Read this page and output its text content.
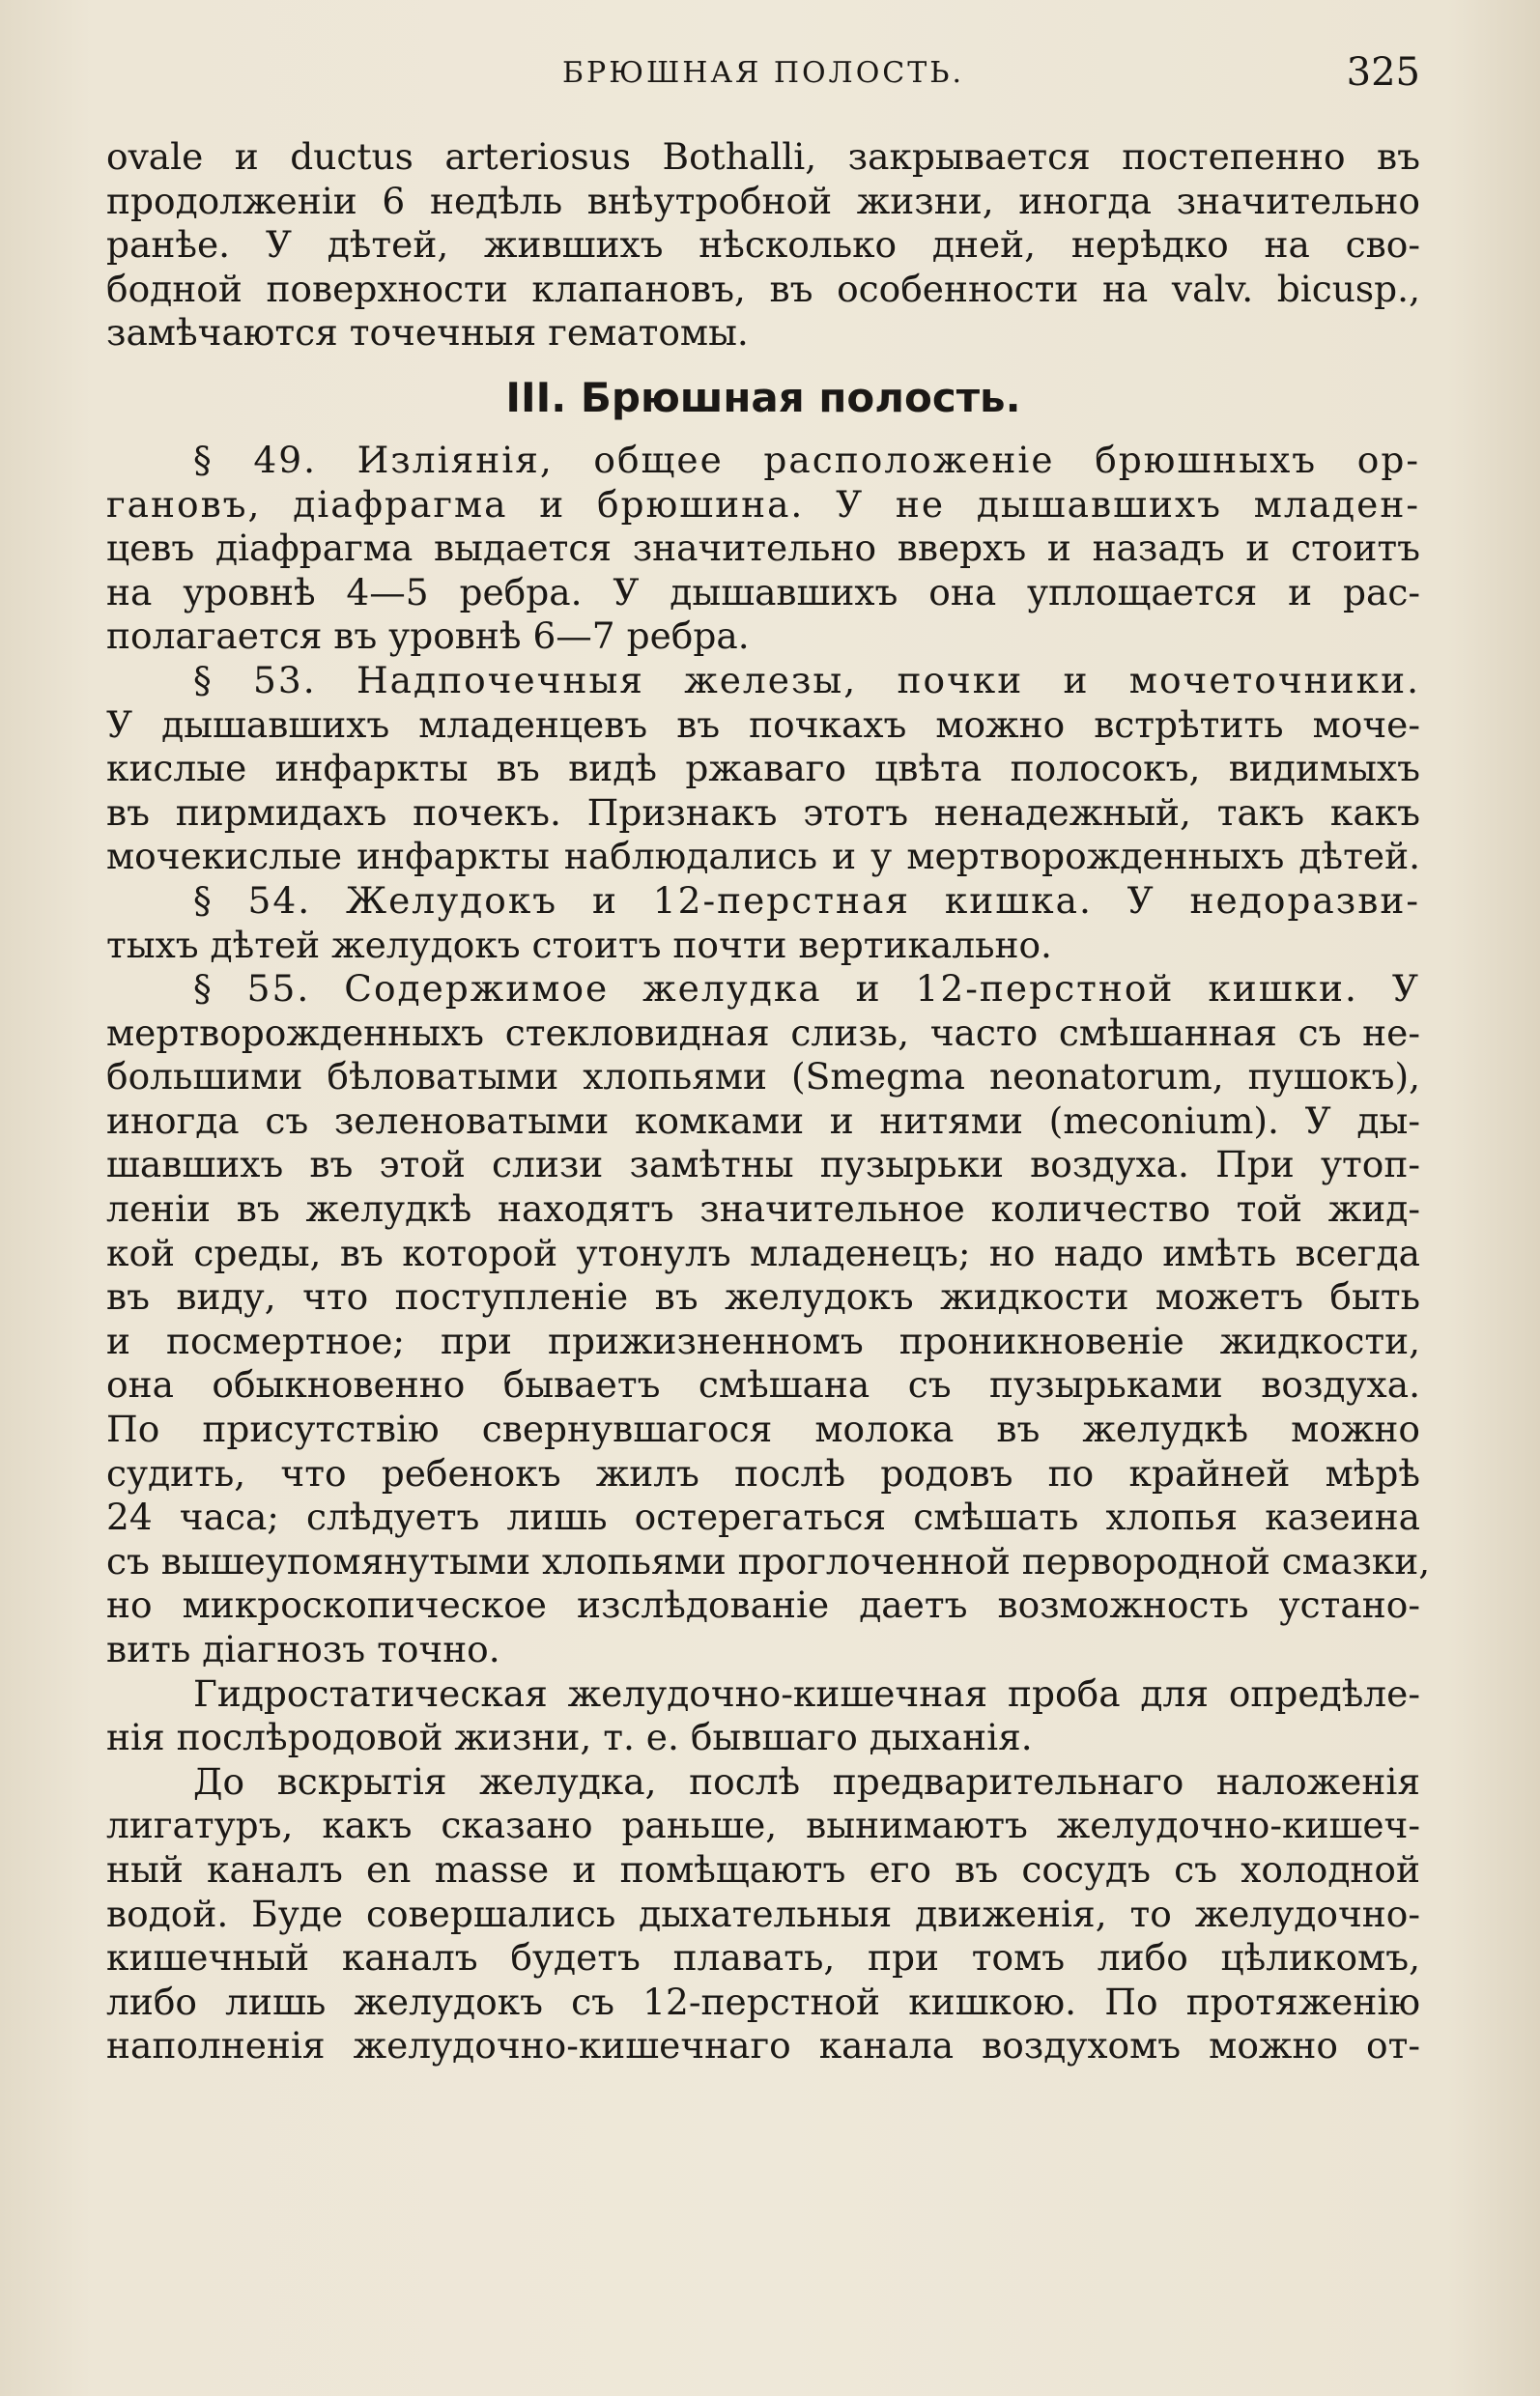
БРЮШНАЯ ПОЛОСТЬ.	325

ovale и ductus arteriosus Bothalli, закрывается постепенно въ

продолженіи 6 недѣль внѣутробной жизни, иногда значительно

ранѣе. У дѣтей, жившихъ нѣсколько дней, нерѣдко на сво-

бодной поверхности клапановъ, въ особенности на valv. bicusp.,

замѣчаются точечныя гематомы.

III. Брюшная полость.

§ 49. Изліянія, общее расположеніе брюшныхъ ор-

гановъ, діафрагма и брюшина. У не дышавшихъ младен-

цевъ діафрагма выдается значительно вверхъ и назадъ и стоитъ

на уровнѣ 4—5 ребра. У дышавшихъ она уплощается и рас-

полагается въ уровнѣ 6—7 ребра.

§ 53. Надпочечныя железы, почки и мочеточники.

У дышавшихъ младенцевъ въ почкахъ можно встрѣтить моче-

кислые инфаркты въ видѣ ржаваго цвѣта полосокъ, видимыхъ

въ пирмидахъ почекъ. Признакъ этотъ ненадежный, такъ какъ

мочекислые инфаркты наблюдались и у мертворожденныхъ дѣтей.

§ 54. Желудокъ и 12-перстная кишка. У недоразви-

тыхъ дѣтей желудокъ стоитъ почти вертикально.

§ 55. Содержимое желудка и 12-перстной кишки. У

мертворожденныхъ стекловидная слизь, часто смѣшанная съ не-

большими бѣловатыми хлопьями (Smegma neonatorum, пушокъ),

иногда съ зеленоватыми комками и нитями (meconium). У ды-

шавшихъ въ этой слизи замѣтны пузырьки воздуха. При утоп-

леніи въ желудкѣ находятъ значительное количество той жид-

кой среды, въ которой утонулъ младенецъ; но надо имѣть всегда

въ виду, что поступленіе въ желудокъ жидкости можетъ быть

и посмертное; при прижизненномъ проникновеніе жидкости,

она обыкновенно бываетъ смѣшана съ пузырьками воздуха.

По присутствію свернувшагося молока въ желудкѣ можно

судить, что ребенокъ жилъ послѣ родовъ по крайней мѣрѣ

24 часа; слѣдуетъ лишь остерегаться смѣшать хлопья казеина

съ вышеупомянутыми хлопьями проглоченной первородной смазки,

но микроскопическое изслѣдованіе даетъ возможность устано-

вить діагнозъ точно.

Гидростатическая желудочно-кишечная проба для опредѣле-

нія послѣродовой жизни, т. е. бывшаго дыханія.

До вскрытія желудка, послѣ предварительнаго наложенія

лигатуръ, какъ сказано раньше, вынимаютъ желудочно-кишеч-

ный каналъ en masse и помѣщаютъ его въ сосудъ съ холодной

водой. Буде совершались дыхательныя движенія, то желудочно-

кишечный каналъ будетъ плавать, при томъ либо цѣликомъ,

либо лишь желудокъ съ 12-перстной кишкою. По протяженію

наполненія желудочно-кишечнаго канала воздухомъ можно от-
